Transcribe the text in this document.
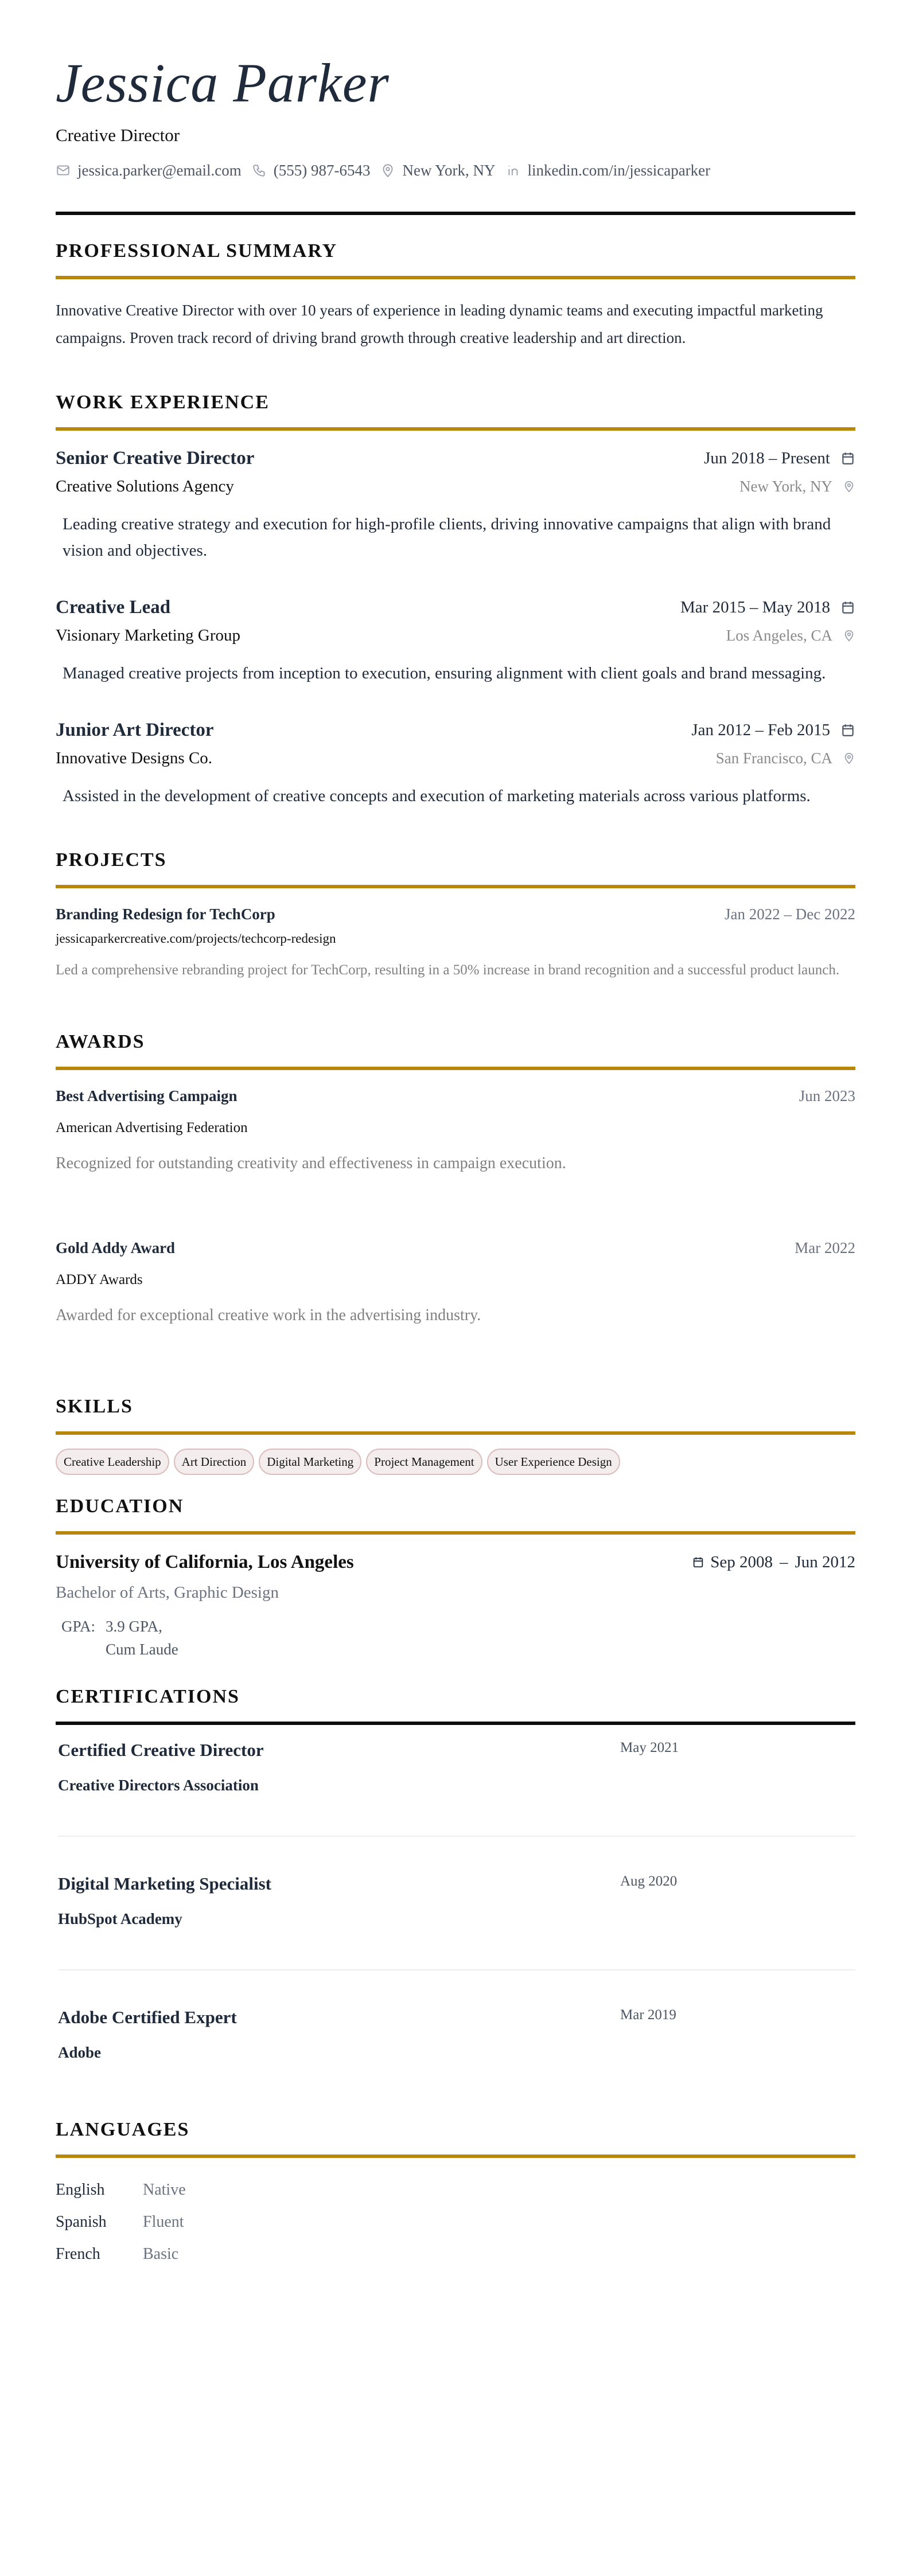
Jessica Parker
Creative Director
jessica.parker@email.com (555) 987-6543 New York, NY linkedin.com/in/jessicaparker
PROFESSIONAL SUMMARY

Innovative Creative Director with over 10 years of experience in leading dynamic teams and executing impactful marketing campaigns. Proven track record of driving brand growth through creative leadership and art direction.

WORK EXPERIENCE
Senior Creative Director	Jun 2018 – Present
Creative Solutions Agency	New York, NY

Leading creative strategy and execution for high-profile clients, driving innovative campaigns that align with brand vision and objectives.

Creative Lead	Mar 2015 – May 2018
Visionary Marketing Group	Los Angeles, CA

Managed creative projects from inception to execution, ensuring alignment with client goals and brand messaging.

Junior Art Director	Jan 2012 – Feb 2015
Innovative Designs Co.	San Francisco, CA

Assisted in the development of creative concepts and execution of marketing materials across various platforms.

PROJECTS
Branding Redesign for TechCorp	Jan 2022 – Dec 2022
jessicaparkercreative.com/projects/techcorp-redesign

Led a comprehensive rebranding project for TechCorp, resulting in a 50% increase in brand recognition and a successful product launch.

AWARDS
Best Advertising Campaign	Jun 2023
American Advertising Federation

Recognized for outstanding creativity and effectiveness in campaign execution.

Gold Addy Award	Mar 2022
ADDY Awards

Awarded for exceptional creative work in the advertising industry.

SKILLS
Creative Leadership	Art Direction	Digital Marketing	Project Management	User Experience Design
EDUCATION
University of California, Los Angeles	Sep 2008 – Jun 2012
Bachelor of Arts, Graphic Design
GPA: 3.9 GPA,
Cum Laude
CERTIFICATIONS
Certified Creative Director	May 2021
Creative Directors Association
Digital Marketing Specialist	Aug 2020
HubSpot Academy
Adobe Certified Expert	Mar 2019
Adobe
LANGUAGES
English	Native
Spanish	Fluent
French	Basic
